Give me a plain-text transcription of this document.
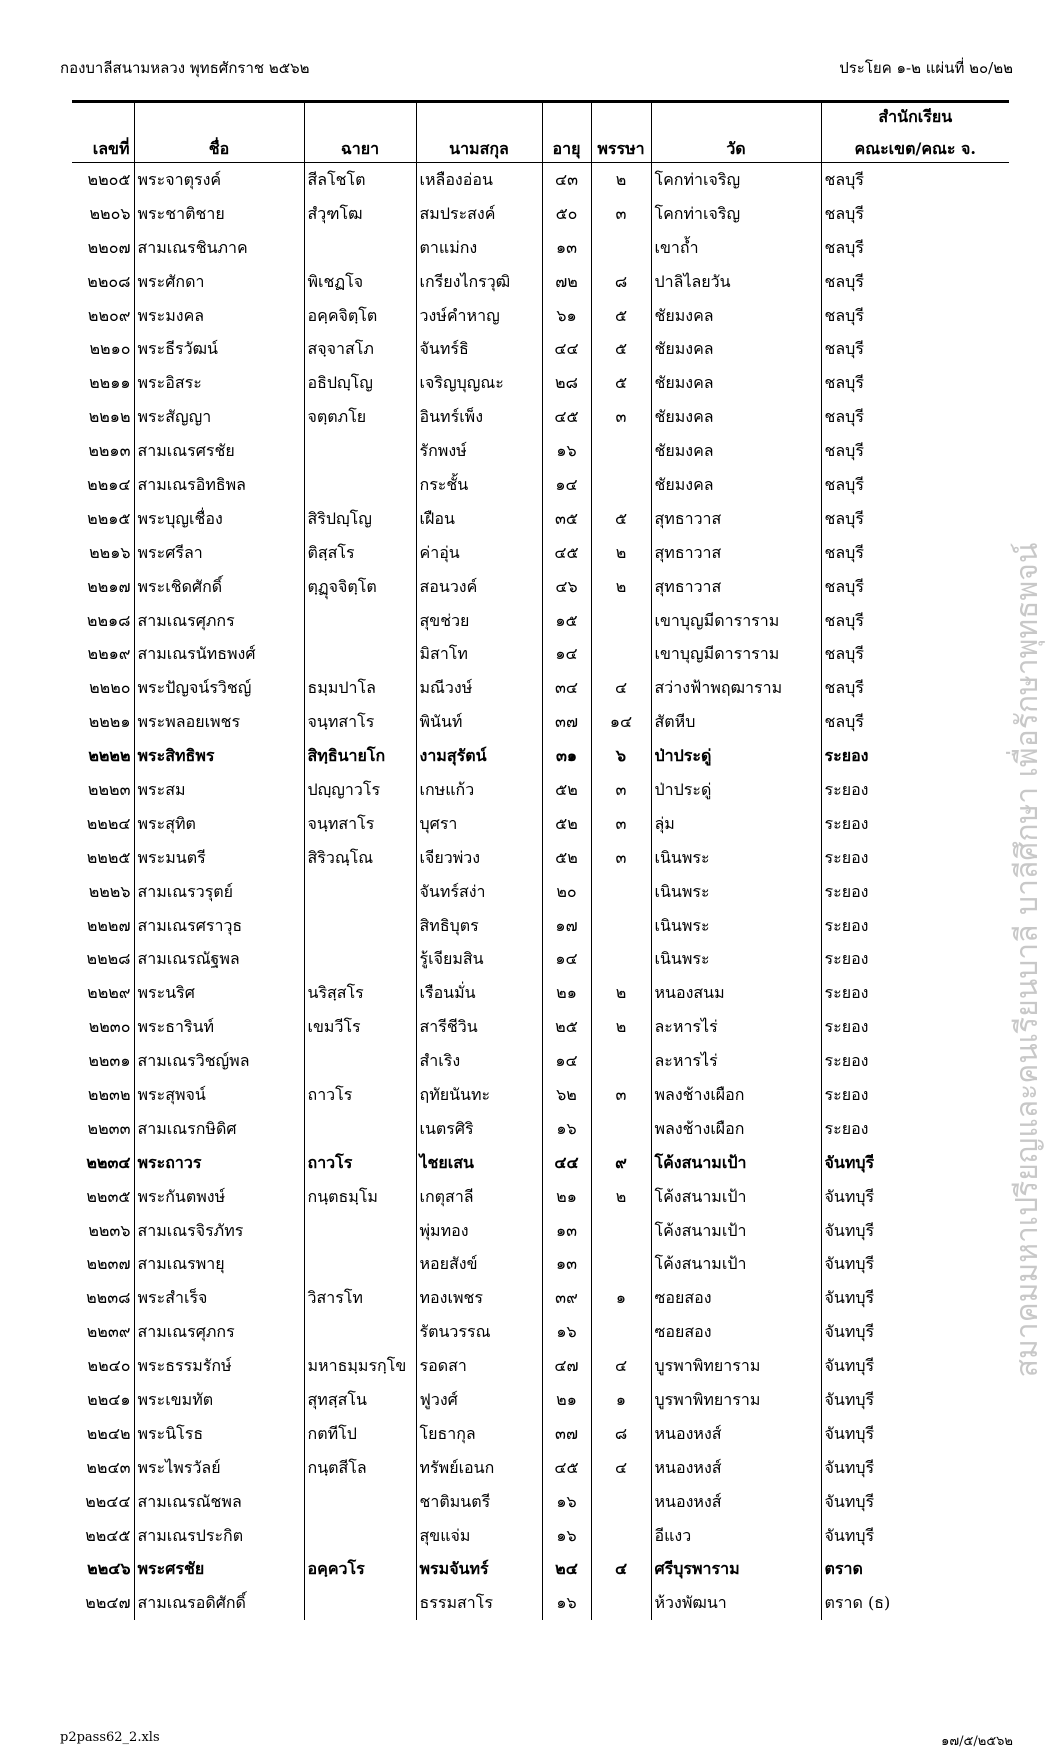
กองบาลีสนามหลวง พุทธศักราช ๒๕๖๒	ประโยค ๑-๒ แผ่นที่ ๒๐/๒๒

							สำนักเรียน
เลขที่	ชื่อ	ฉายา	นามสกุล	อายุ	พรรษา	วัด	คณะเขต/คณะ จ.
๒๒๐๕	พระจาตุรงค์	สีลโชโต	เหลืองอ่อน	๔๓	๒	โคกท่าเจริญ	ชลบุรี
๒๒๐๖	พระชาติชาย	สํวุฑโฒ	สมประสงค์	๕๐	๓	โคกท่าเจริญ	ชลบุรี
๒๒๐๗	สามเณรชินภาค		ตาแม่กง	๑๓		เขาถ้ำ	ชลบุรี
๒๒๐๘	พระศักดา	พิเชฏโจ	เกรียงไกรวุฒิ	๗๒	๘	ปาลิไลยวัน	ชลบุรี
๒๒๐๙	พระมงคล	อคฺคจิตฺโต	วงษ์คำหาญ	๖๑	๕	ชัยมงคล	ชลบุรี
๒๒๑๐	พระธีรวัฒน์	สจฺจาสโภ	จันทร์ธิ	๔๔	๕	ชัยมงคล	ชลบุรี
๒๒๑๑	พระอิสระ	อธิปญฺโญ	เจริญบุญณะ	๒๘	๕	ชัยมงคล	ชลบุรี
๒๒๑๒	พระสัญญา	จตฺตภโย	อินทร์เพ็ง	๔๕	๓	ชัยมงคล	ชลบุรี
๒๒๑๓	สามเณรศรชัย		รักพงษ์	๑๖		ชัยมงคล	ชลบุรี
๒๒๑๔	สามเณรอิทธิพล		กระชั้น	๑๔		ชัยมงคล	ชลบุรี
๒๒๑๕	พระบุญเชื่อง	สิริปญฺโญ	เฝือน	๓๕	๕	สุทธาวาส	ชลบุรี
๒๒๑๖	พระศรีลา	ติสฺสโร	ค่าอุ่น	๔๕	๒	สุทธาวาส	ชลบุรี
๒๒๑๗	พระเชิดศักดิ์	ตฺฏุจจิตฺโต	สอนวงค์	๔๖	๒	สุทธาวาส	ชลบุรี
๒๒๑๘	สามเณรศุภกร		สุขช่วย	๑๕		เขาบุญมีดาราราม	ชลบุรี
๒๒๑๙	สามเณรนัทธพงศ์		มิสาโท	๑๔		เขาบุญมีดาราราม	ชลบุรี
๒๒๒๐	พระปัญจน์รวิชญ์	ธมฺมปาโล	มณีวงษ์	๓๔	๔	สว่างฟ้าพฤฒาราม	ชลบุรี
๒๒๒๑	พระพลอยเพชร	จนฺทสาโร	พินันท์	๓๗	๑๔	สัตหีบ	ชลบุรี
๒๒๒๒	พระสิทธิพร	สิทฺธินายโก	งามสุรัตน์	๓๑	๖	ป่าประดู่	ระยอง
๒๒๒๓	พระสม	ปญฺญาวโร	เกษแก้ว	๕๒	๓	ป่าประดู่	ระยอง
๒๒๒๔	พระสุทิต	จนฺทสาโร	บุศรา	๕๒	๓	ลุ่ม	ระยอง
๒๒๒๕	พระมนตรี	สิริวณฺโณ	เจียวพ่วง	๕๒	๓	เนินพระ	ระยอง
๒๒๒๖	สามเณรวรุตย์		จันทร์สง่า	๒๐		เนินพระ	ระยอง
๒๒๒๗	สามเณรศราวุธ		สิทธิบุตร	๑๗		เนินพระ	ระยอง
๒๒๒๘	สามเณรณัฐพล		รู้เจียมสิน	๑๔		เนินพระ	ระยอง
๒๒๒๙	พระนริศ	นริสฺสโร	เรือนมั่น	๒๑	๒	หนองสนม	ระยอง
๒๒๓๐	พระธารินท์	เขมวีโร	สารีชีวิน	๒๕	๒	ละหารไร่	ระยอง
๒๒๓๑	สามเณรวิชญ์พล		สำเริง	๑๔		ละหารไร่	ระยอง
๒๒๓๒	พระสุพจน์	ถาวโร	ฤทัยนันทะ	๖๒	๓	พลงช้างเผือก	ระยอง
๒๒๓๓	สามเณรกษิดิศ		เนตรศิริ	๑๖		พลงช้างเผือก	ระยอง
๒๒๓๔	พระถาวร	ถาวโร	ไชยเสน	๔๔	๙	โค้งสนามเป้า	จันทบุรี
๒๒๓๕	พระกันตพงษ์	กนฺตธมฺโม	เกตุสาลี	๒๑	๒	โค้งสนามเป้า	จันทบุรี
๒๒๓๖	สามเณรจิรภัทร		พุ่มทอง	๑๓		โค้งสนามเป้า	จันทบุรี
๒๒๓๗	สามเณรพายุ		หอยสังข์	๑๓		โค้งสนามเป้า	จันทบุรี
๒๒๓๘	พระสำเร็จ	วิสารโท	ทองเพชร	๓๙	๑	ซอยสอง	จันทบุรี
๒๒๓๙	สามเณรศุภกร		รัตนวรรณ	๑๖		ซอยสอง	จันทบุรี
๒๒๔๐	พระธรรมรักษ์	มหาธมฺมรกฺโข	รอดสา	๔๗	๔	บูรพาพิทยาราม	จันทบุรี
๒๒๔๑	พระเขมทัต	สุทสฺสโน	ฟูวงศ์	๒๑	๑	บูรพาพิทยาราม	จันทบุรี
๒๒๔๒	พระนิโรธ	กตทีโป	โยธากุล	๓๗	๘	หนองหงส์	จันทบุรี
๒๒๔๓	พระไพรวัลย์	กนฺตสีโล	ทรัพย์เอนก	๔๕	๔	หนองหงส์	จันทบุรี
๒๒๔๔	สามเณรณัชพล		ชาติมนตรี	๑๖		หนองหงส์	จันทบุรี
๒๒๔๕	สามเณรประกิต		สุขแจ่ม	๑๖		อีแงว	จันทบุรี
๒๒๔๖	พระศรชัย	อคฺควโร	พรมจันทร์	๒๔	๔	ศรีบุรพาราม	ตราด
๒๒๔๗	สามเณรอดิศักดิ์		ธรรมสาโร	๑๖		ห้วงพัฒนา	ตราด (ธ)
สมาคมมหาเปรียญและคนเรียนบาลี บาลีศึกษา เพื่อรักษาพุทธพจน์
p2pass62_2.xls	๑๗/๕/๒๕๖๒
